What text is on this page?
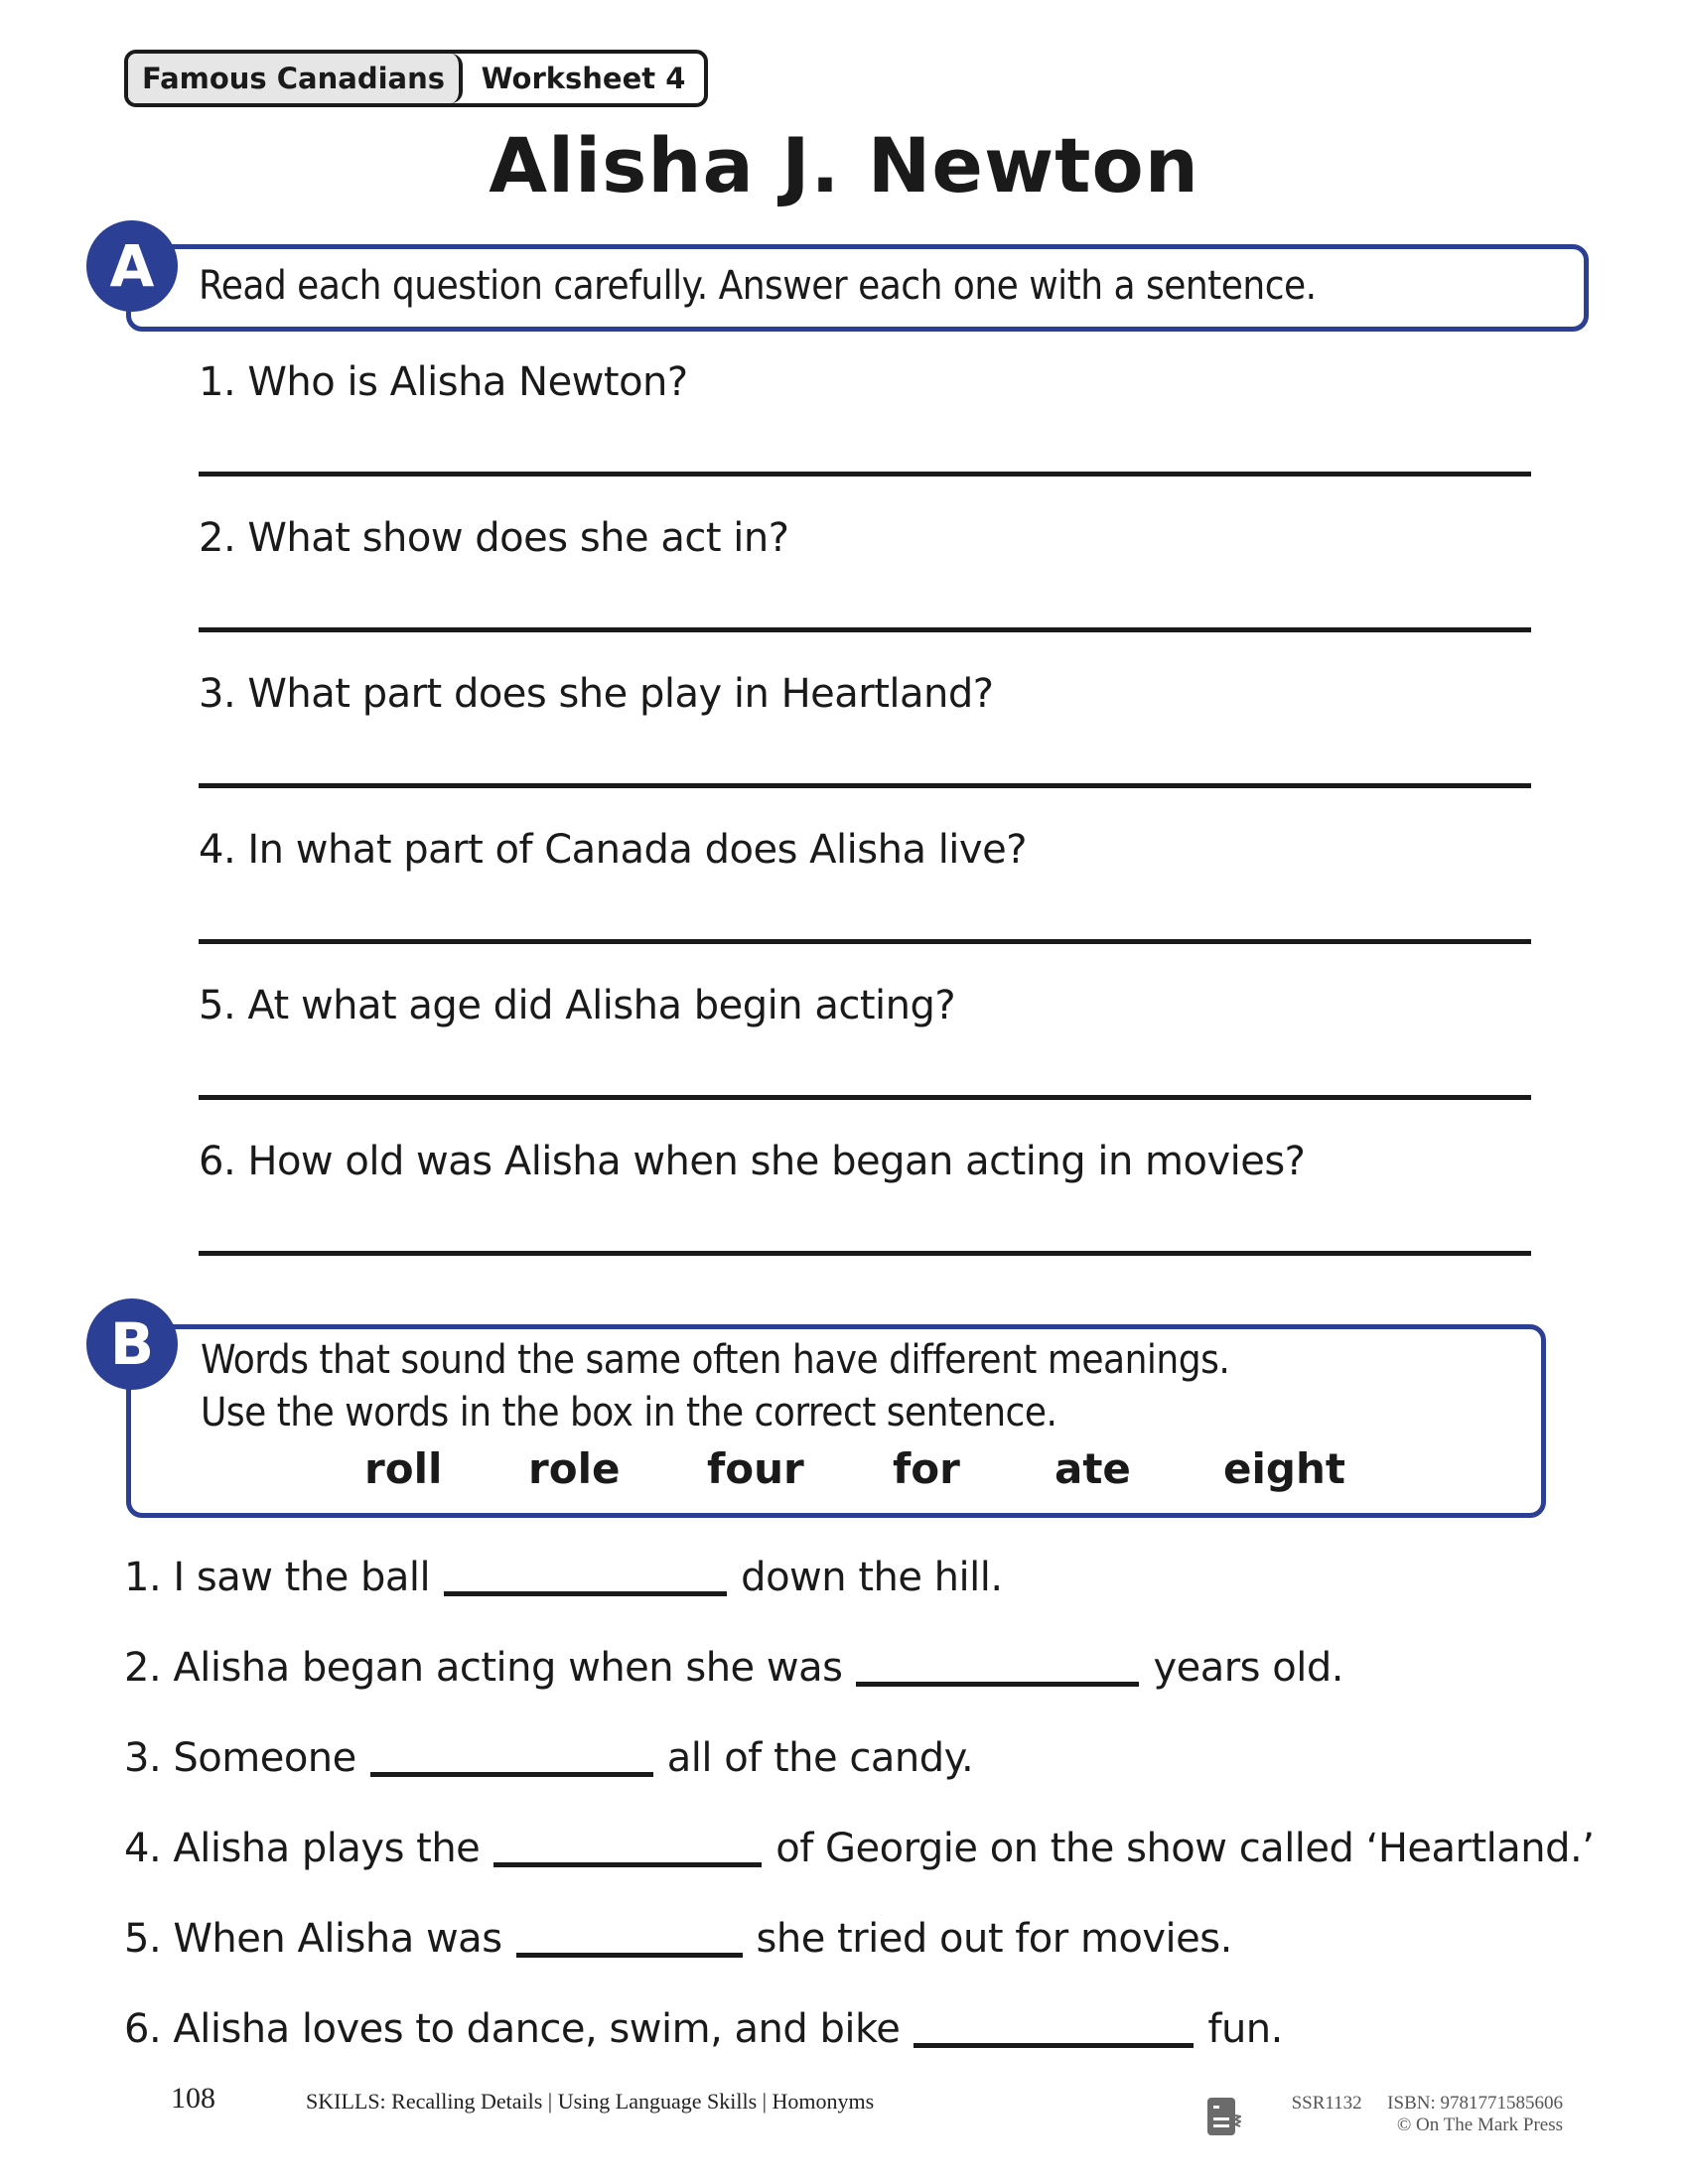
Famous Canadians	Worksheet 4
Alisha J. Newton
Read each question carefully. Answer each one with a sentence.
A
1. Who is Alisha Newton?
2. What show does she act in?
3. What part does she play in Heartland?
4. In what part of Canada does Alisha live?
5. At what age did Alisha begin acting?
6. How old was Alisha when she began acting in movies?
Words that sound the same often have different meanings.
Use the words in the box in the correct sentence.
roll	role	four	for	ate	eight
B
1. I saw the ball	down the hill.
2. Alisha began acting when she was	years old.
3. Someone	all of the candy.
4. Alisha plays the	of Georgie on the show called ‘Heartland.’
5. When Alisha was	she tried out for movies.
6. Alisha loves to dance, swim, and bike	fun.
108	SKILLS: Recalling Details | Using Language Skills | Homonyms	SSR1132 ISBN: 9781771585606
© On The Mark Press
